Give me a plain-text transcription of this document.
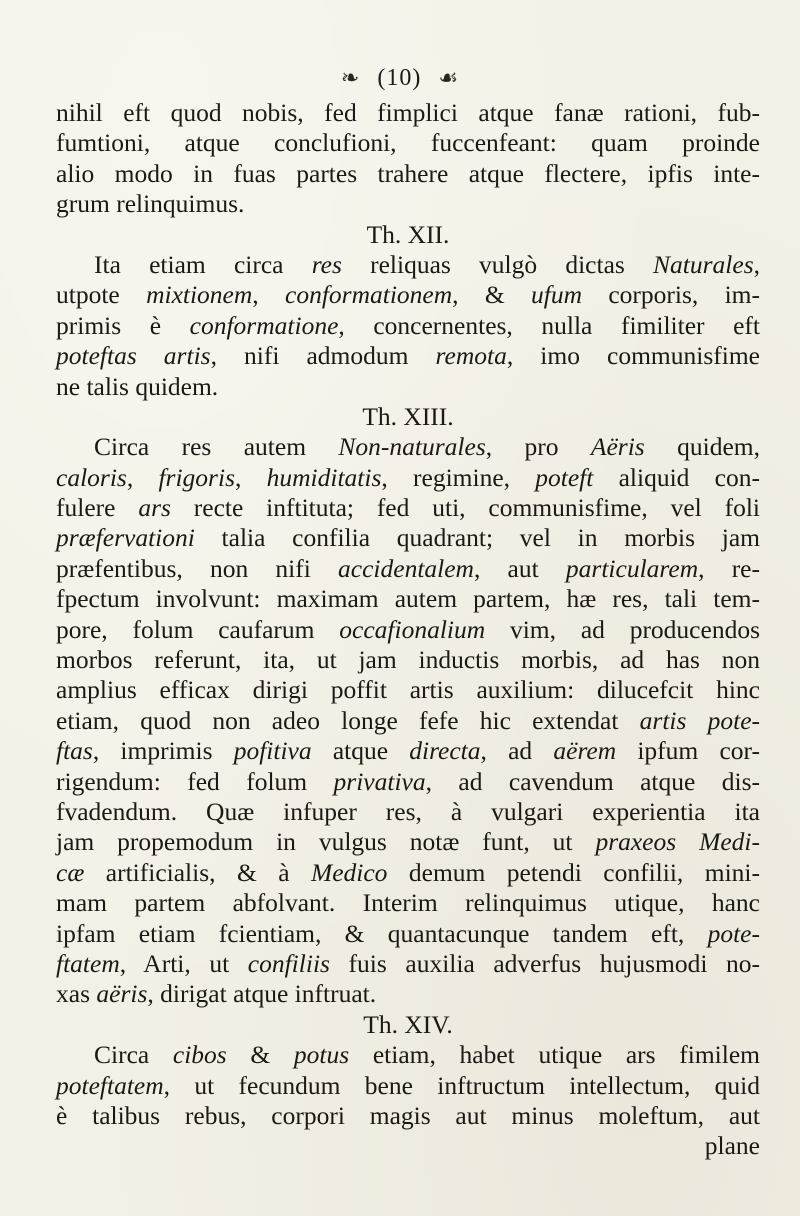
❧ (10) ☙
nihil eft quod nobis, fed fimplici atque fanæ rationi, fub-
fumtioni, atque conclufioni, fuccenfeant: quam proinde
alio modo in fuas partes trahere atque flectere, ipfis inte-
grum relinquimus.
Th. XII.
Ita etiam circa res reliquas vulgò dictas Naturales,
utpote mixtionem, conformationem, & ufum corporis, im-
primis è conformatione, concernentes, nulla fimiliter eft
poteftas artis, nifi admodum remota, imo communisfime
ne talis quidem.
Th. XIII.
Circa res autem Non-naturales, pro Aëris quidem,
caloris, frigoris, humiditatis, regimine, poteft aliquid con-
fulere ars recte inftituta; fed uti, communisfime, vel foli
præfervationi talia confilia quadrant; vel in morbis jam
præfentibus, non nifi accidentalem, aut particularem, re-
fpectum involvunt: maximam autem partem, hæ res, tali tem-
pore, folum caufarum occafionalium vim, ad producendos
morbos referunt, ita, ut jam inductis morbis, ad has non
amplius efficax dirigi poffit artis auxilium: dilucefcit hinc
etiam, quod non adeo longe fefe hic extendat artis pote-
ftas, imprimis pofitiva atque directa, ad aërem ipfum cor-
rigendum: fed folum privativa, ad cavendum atque dis-
fvadendum. Quæ infuper res, à vulgari experientia ita
jam propemodum in vulgus notæ funt, ut praxeos Medi-
cæ artificialis, & à Medico demum petendi confilii, mini-
mam partem abfolvant. Interim relinquimus utique, hanc
ipfam etiam fcientiam, & quantacunque tandem eft, pote-
ftatem, Arti, ut confiliis fuis auxilia adverfus hujusmodi no-
xas aëris, dirigat atque inftruat.
Th. XIV.
Circa cibos & potus etiam, habet utique ars fimilem
poteftatem, ut fecundum bene inftructum intellectum, quid
è talibus rebus, corpori magis aut minus moleftum, aut
plane
